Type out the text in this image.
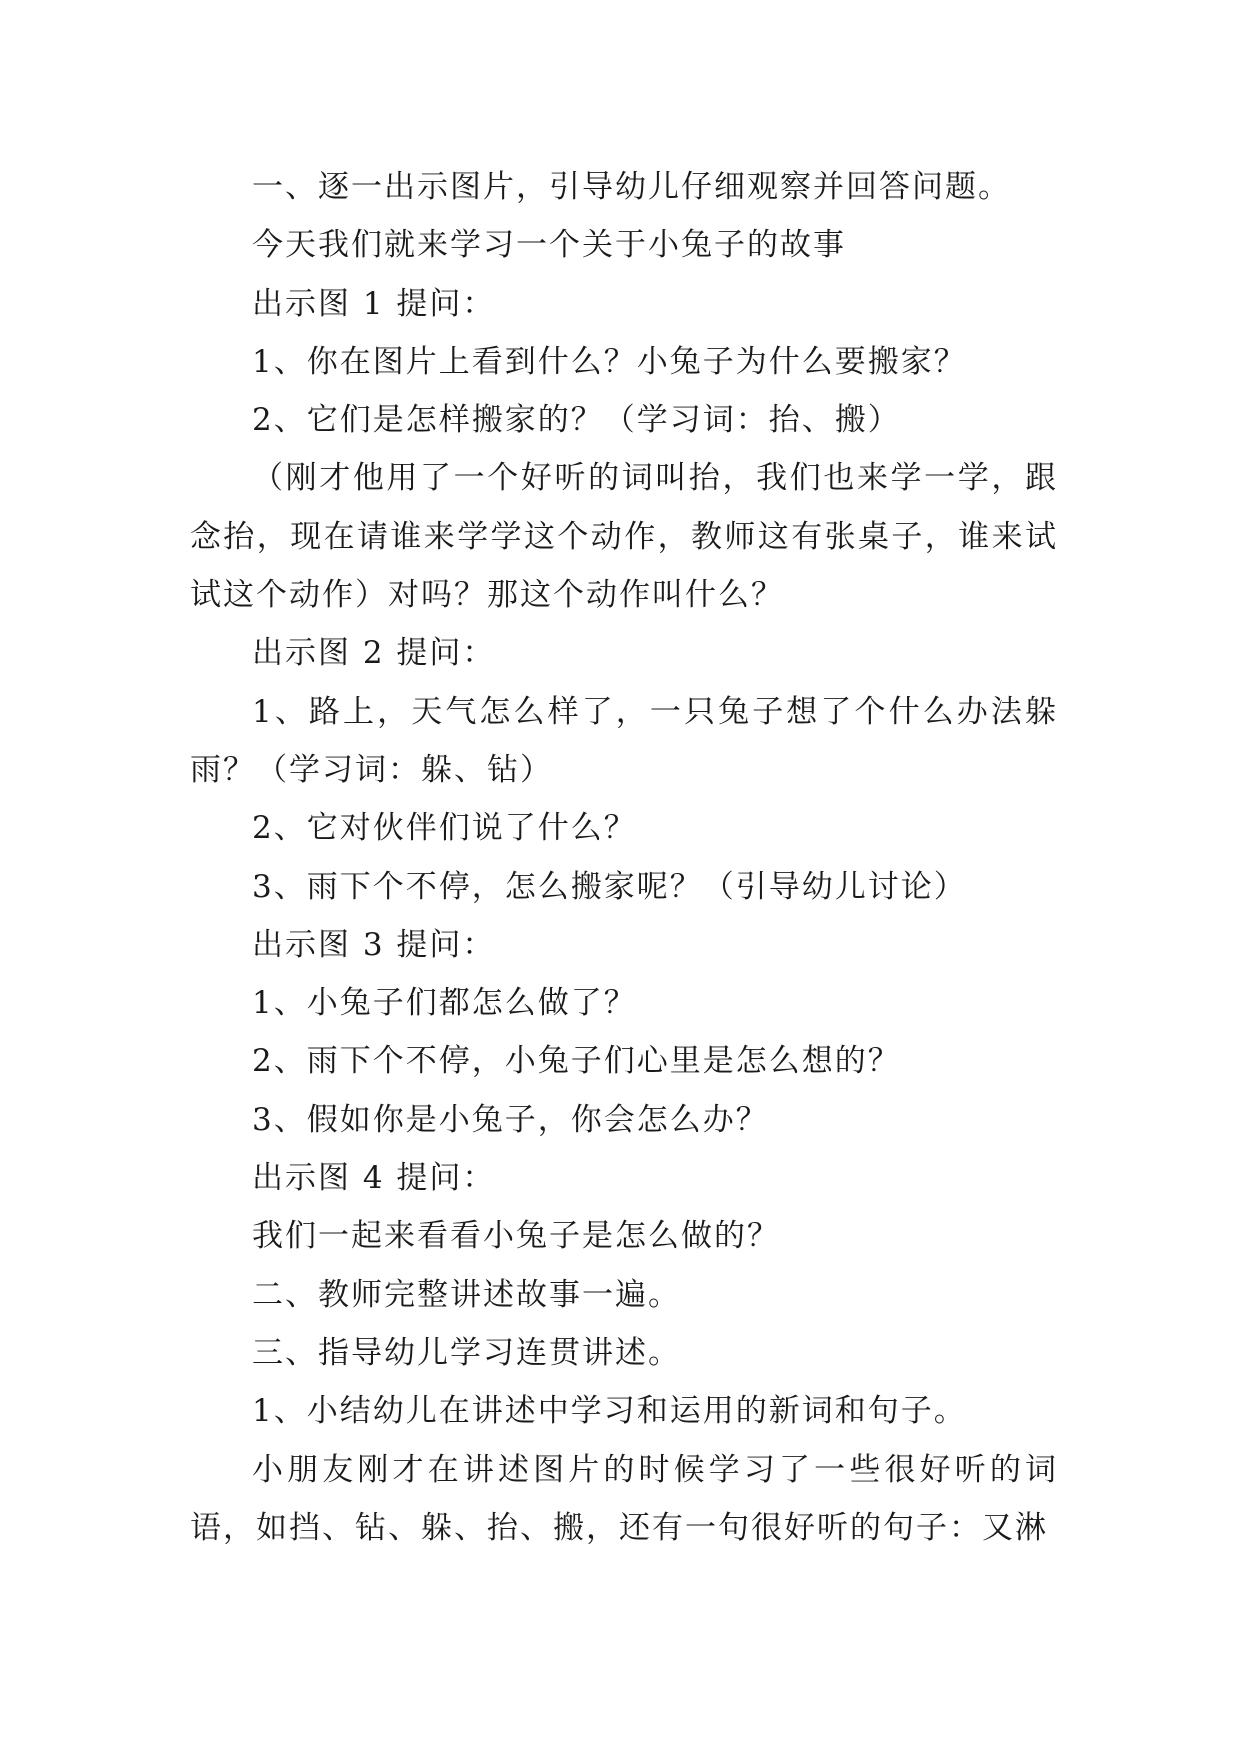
一、逐一出示图片，引导幼儿仔细观察并回答问题。

今天我们就来学习一个关于小兔子的故事

出示图 1 提问：

1、你在图片上看到什么？小兔子为什么要搬家？

2、它们是怎样搬家的？（学习词：抬、搬）

（刚才他用了一个好听的词叫抬，我们也来学一学，跟念抬，现在请谁来学学这个动作，教师这有张桌子，谁来试试这个动作）对吗？那这个动作叫什么？

出示图 2 提问：

1、路上，天气怎么样了，一只兔子想了个什么办法躲雨？（学习词：躲、钻）

2、它对伙伴们说了什么？

3、雨下个不停，怎么搬家呢？（引导幼儿讨论）

出示图 3 提问：

1、小兔子们都怎么做了？

2、雨下个不停，小兔子们心里是怎么想的？

3、假如你是小兔子，你会怎么办？

出示图 4 提问：

我们一起来看看小兔子是怎么做的？

二、教师完整讲述故事一遍。

三、指导幼儿学习连贯讲述。

1、小结幼儿在讲述中学习和运用的新词和句子。

小朋友刚才在讲述图片的时候学习了一些很好听的词语，如挡、钻、躲、抬、搬，还有一句很好听的句子：又淋
